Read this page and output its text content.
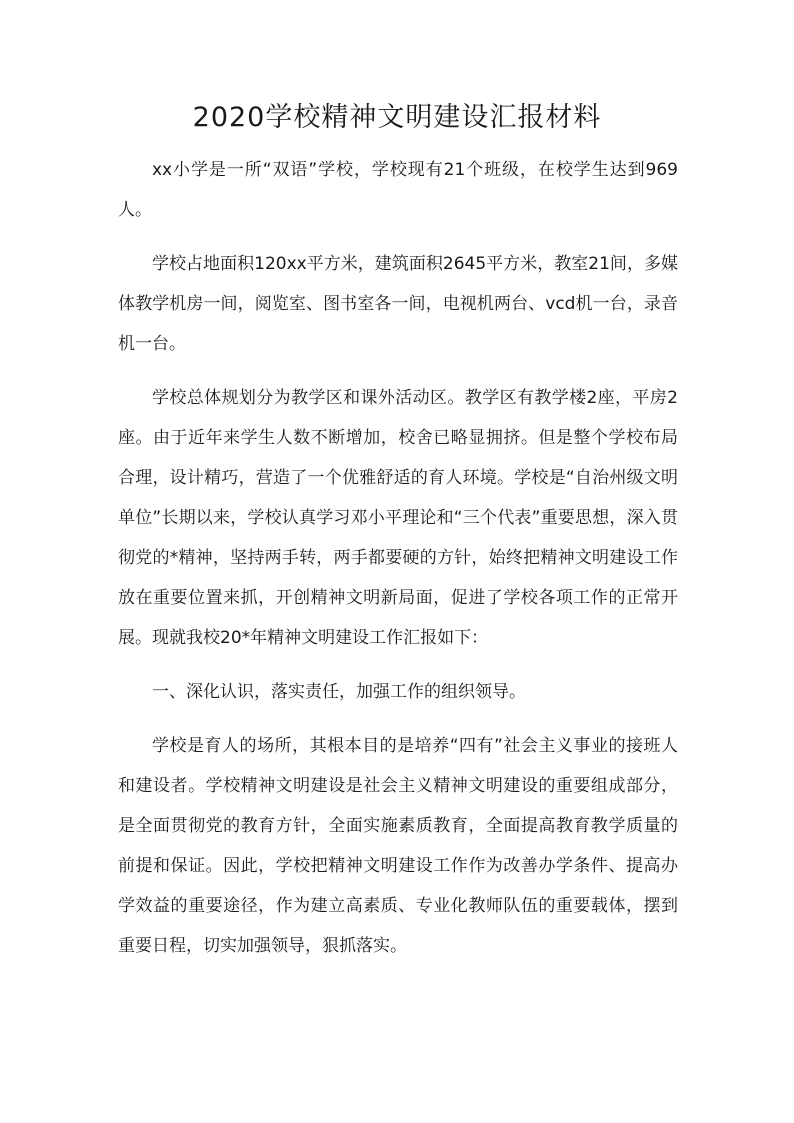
2020学校精神文明建设汇报材料

xx小学是一所“双语”学校，学校现有21个班级，在校学生达到969人。

学校占地面积120xx平方米，建筑面积2645平方米，教室21间，多媒体教学机房一间，阅览室、图书室各一间，电视机两台、vcd机一台，录音机一台。

学校总体规划分为教学区和课外活动区。教学区有教学楼2座，平房2座。由于近年来学生人数不断增加，校舍已略显拥挤。但是整个学校布局合理，设计精巧，营造了一个优雅舒适的育人环境。学校是“自治州级文明单位”长期以来，学校认真学习邓小平理论和“三个代表”重要思想，深入贯彻党的*精神，坚持两手转，两手都要硬的方针，始终把精神文明建设工作放在重要位置来抓，开创精神文明新局面，促进了学校各项工作的正常开展。现就我校20*年精神文明建设工作汇报如下：

一、深化认识，落实责任，加强工作的组织领导。

学校是育人的场所，其根本目的是培养“四有”社会主义事业的接班人和建设者。学校精神文明建设是社会主义精神文明建设的重要组成部分，是全面贯彻党的教育方针，全面实施素质教育，全面提高教育教学质量的前提和保证。因此，学校把精神文明建设工作作为改善办学条件、提高办学效益的重要途径，作为建立高素质、专业化教师队伍的重要载体，摆到重要日程，切实加强领导，狠抓落实。
